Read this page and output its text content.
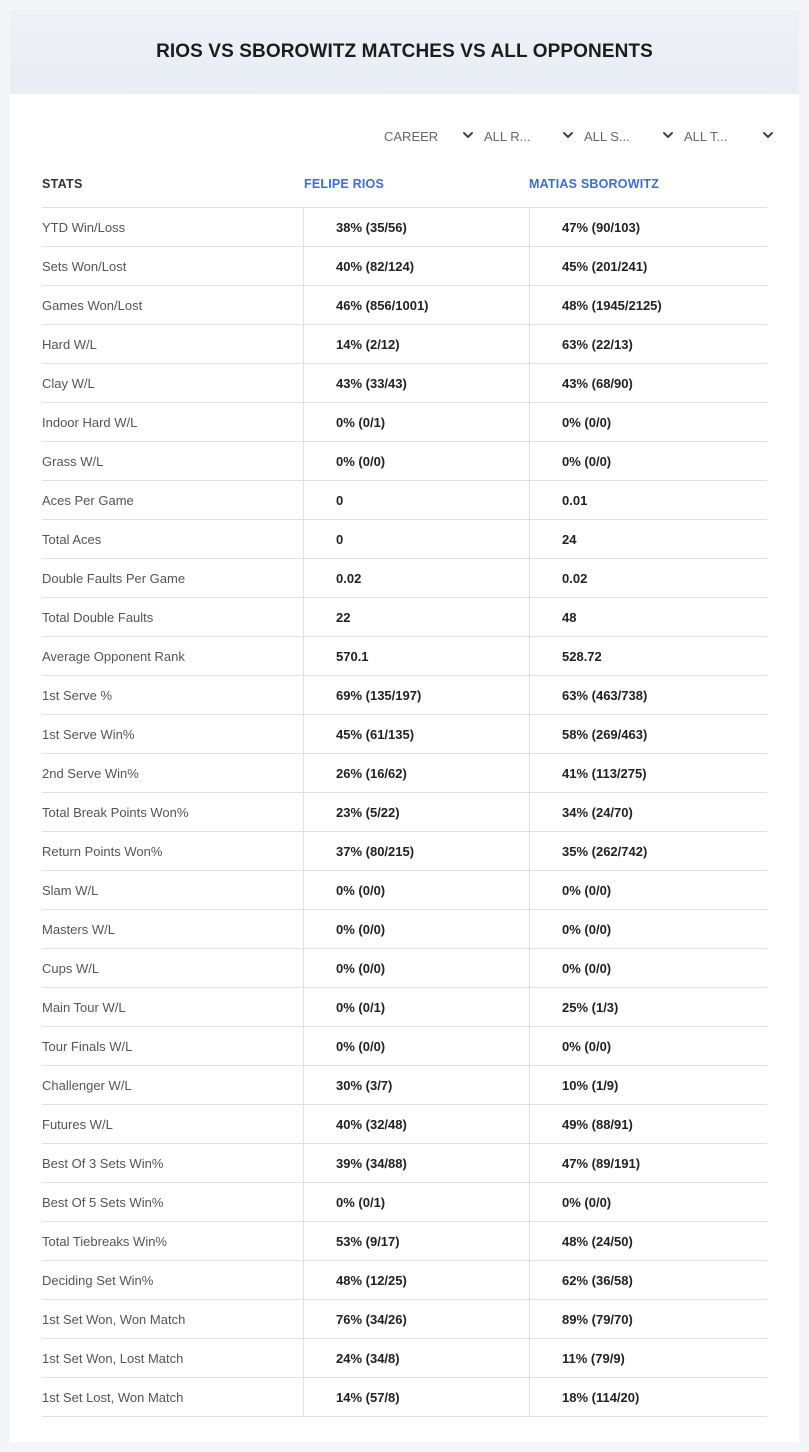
RIOS VS SBOROWITZ MATCHES VS ALL OPPONENTS
CAREER	ALL R...	ALL S...	ALL T...
STATS	FELIPE RIOS	MATIAS SBOROWITZ
YTD Win/Loss	38% (35/56)	47% (90/103)
Sets Won/Lost	40% (82/124)	45% (201/241)
Games Won/Lost	46% (856/1001)	48% (1945/2125)
Hard W/L	14% (2/12)	63% (22/13)
Clay W/L	43% (33/43)	43% (68/90)
Indoor Hard W/L	0% (0/1)	0% (0/0)
Grass W/L	0% (0/0)	0% (0/0)
Aces Per Game	0	0.01
Total Aces	0	24
Double Faults Per Game	0.02	0.02
Total Double Faults	22	48
Average Opponent Rank	570.1	528.72
1st Serve %	69% (135/197)	63% (463/738)
1st Serve Win%	45% (61/135)	58% (269/463)
2nd Serve Win%	26% (16/62)	41% (113/275)
Total Break Points Won%	23% (5/22)	34% (24/70)
Return Points Won%	37% (80/215)	35% (262/742)
Slam W/L	0% (0/0)	0% (0/0)
Masters W/L	0% (0/0)	0% (0/0)
Cups W/L	0% (0/0)	0% (0/0)
Main Tour W/L	0% (0/1)	25% (1/3)
Tour Finals W/L	0% (0/0)	0% (0/0)
Challenger W/L	30% (3/7)	10% (1/9)
Futures W/L	40% (32/48)	49% (88/91)
Best Of 3 Sets Win%	39% (34/88)	47% (89/191)
Best Of 5 Sets Win%	0% (0/1)	0% (0/0)
Total Tiebreaks Win%	53% (9/17)	48% (24/50)
Deciding Set Win%	48% (12/25)	62% (36/58)
1st Set Won, Won Match	76% (34/26)	89% (79/70)
1st Set Won, Lost Match	24% (34/8)	11% (79/9)
1st Set Lost, Won Match	14% (57/8)	18% (114/20)
